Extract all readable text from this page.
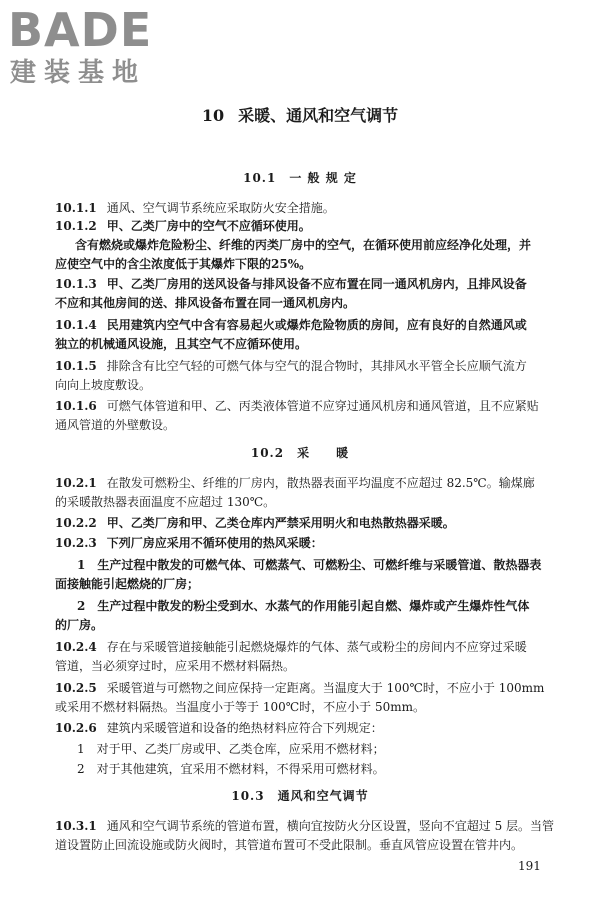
BADE
建装基地
10 采暖、通风和空气调节
10.1　 一 般 规 定
10.2　 采　　暖
10.3　 通风和空气调节
10.1.1 通风、空气调节系统应采取防火安全措施。
10.1.2 甲、乙类厂房中的空气不应循环使用。
含有燃烧或爆炸危险粉尘、纤维的丙类厂房中的空气，在循环使用前应经净化处理，并
应使空气中的含尘浓度低于其爆炸下限的25%。
10.1.3 甲、乙类厂房用的送风设备与排风设备不应布置在同一通风机房内，且排风设备
不应和其他房间的送、排风设备布置在同一通风机房内。
10.1.4 民用建筑内空气中含有容易起火或爆炸危险物质的房间，应有良好的自然通风或
独立的机械通风设施，且其空气不应循环使用。
10.1.5 排除含有比空气轻的可燃气体与空气的混合物时，其排风水平管全长应顺气流方
向向上坡度敷设。
10.1.6 可燃气体管道和甲、乙、丙类液体管道不应穿过通风机房和通风管道，且不应紧贴
通风管道的外壁敷设。
10.2.1 在散发可燃粉尘、纤维的厂房内，散热器表面平均温度不应超过 82.5℃。输煤廊
的采暖散热器表面温度不应超过 130℃。
10.2.2 甲、乙类厂房和甲、乙类仓库内严禁采用明火和电热散热器采暖。
10.2.3 下列厂房应采用不循环使用的热风采暖：
1　生产过程中散发的可燃气体、可燃蒸气、可燃粉尘、可燃纤维与采暖管道、散热器表
面接触能引起燃烧的厂房；
2　生产过程中散发的粉尘受到水、水蒸气的作用能引起自燃、爆炸或产生爆炸性气体
的厂房。
10.2.4 存在与采暖管道接触能引起燃烧爆炸的气体、蒸气或粉尘的房间内不应穿过采暖
管道，当必须穿过时，应采用不燃材料隔热。
10.2.5 采暖管道与可燃物之间应保持一定距离。当温度大于 100℃时，不应小于 100mm
或采用不燃材料隔热。当温度小于等于 100℃时，不应小于 50mm。
10.2.6 建筑内采暖管道和设备的绝热材料应符合下列规定：
1　对于甲、乙类厂房或甲、乙类仓库，应采用不燃材料；
2　对于其他建筑，宜采用不燃材料，不得采用可燃材料。
10.3.1 通风和空气调节系统的管道布置，横向宜按防火分区设置，竖向不宜超过 5 层。当管
道设置防止回流设施或防火阀时，其管道布置可不受此限制。垂直风管应设置在管井内。
191
